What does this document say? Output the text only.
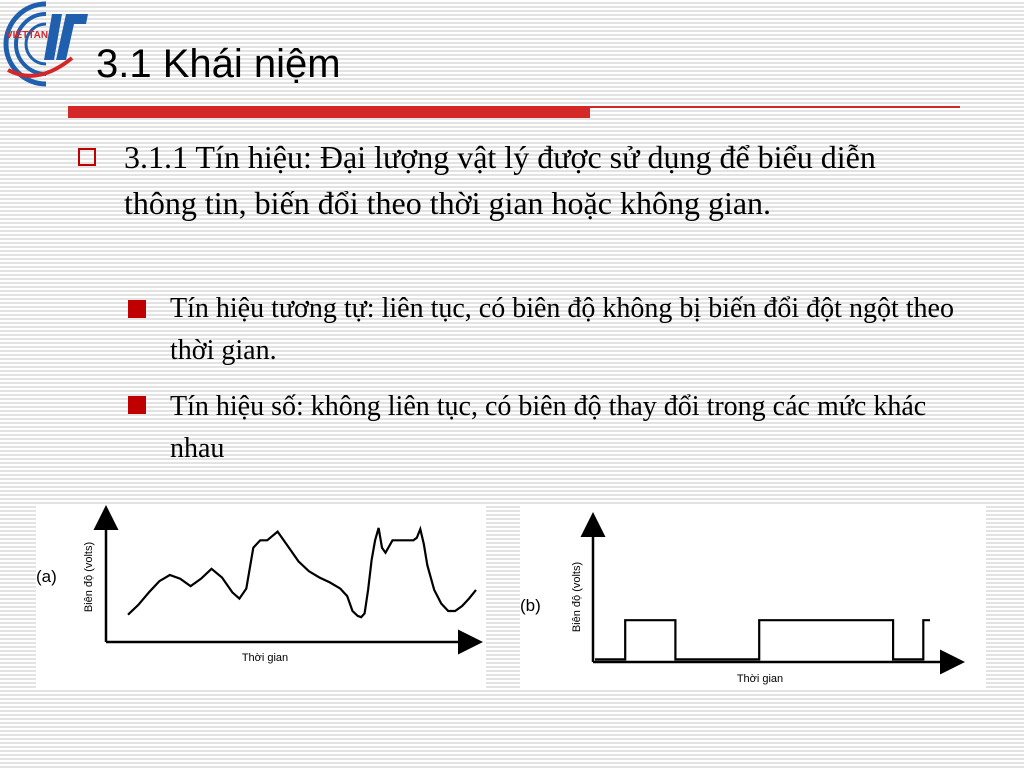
VIETTAN
3.1 Khái niệm

3.1.1 Tín hiệu: Đại lượng vật lý được sử dụng để biểu diễn thông tin, biến đổi theo thời gian hoặc không gian.

Tín hiệu tương tự: liên tục, có biên độ không bị biến đổi đột ngột theo thời gian.

Tín hiệu số: không liên tục, có biên độ thay đổi trong các mức khác nhau

(a) Biên độ (volts)
Thời gian
(b)	Biên độ (volts)
Thời gian
